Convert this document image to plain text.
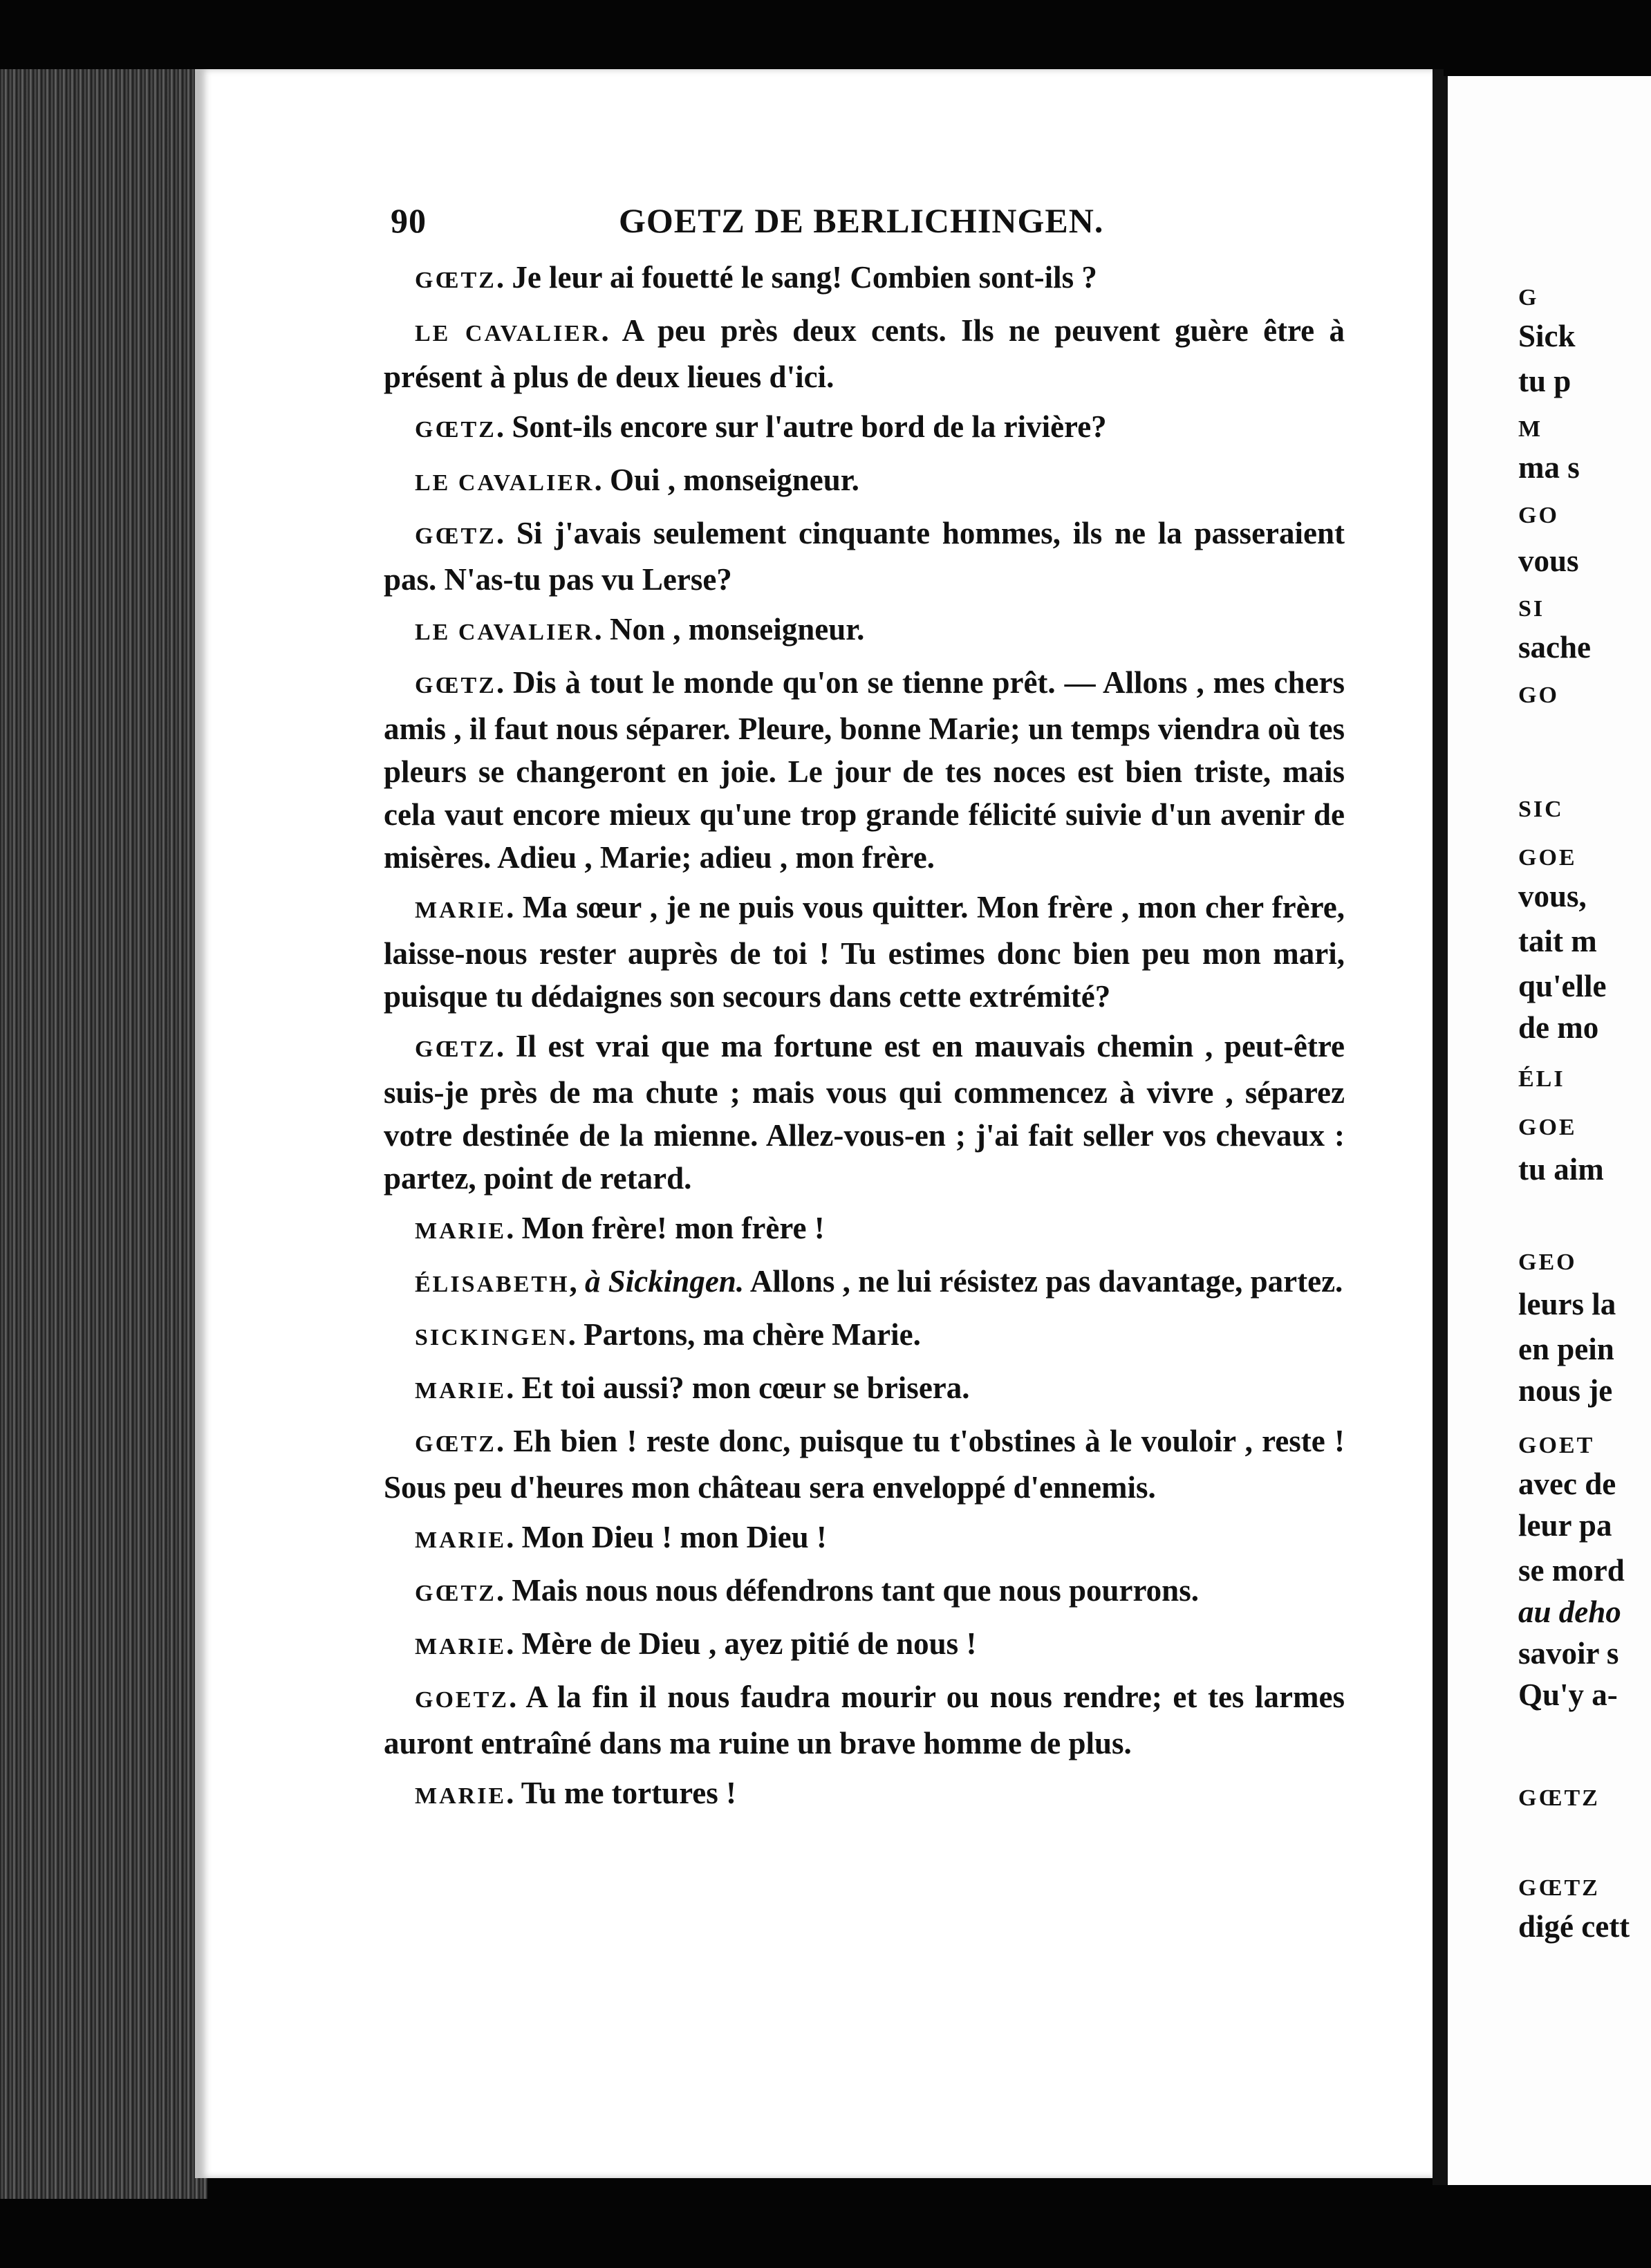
90	GOETZ DE BERLICHINGEN.

GŒTZ. Je leur ai fouetté le sang! Combien sont-ils ?

LE CAVALIER. A peu près deux cents. Ils ne peuvent guère être à présent à plus de deux lieues d'ici.

GŒTZ. Sont-ils encore sur l'autre bord de la rivière?

LE CAVALIER. Oui , monseigneur.

GŒTZ. Si j'avais seulement cinquante hommes, ils ne la passeraient pas. N'as-tu pas vu Lerse?

LE CAVALIER. Non , monseigneur.

GŒTZ. Dis à tout le monde qu'on se tienne prêt. — Allons , mes chers amis , il faut nous séparer. Pleure, bonne Marie; un temps viendra où tes pleurs se changeront en joie. Le jour de tes noces est bien triste, mais cela vaut encore mieux qu'une trop grande félicité suivie d'un avenir de misères. Adieu , Marie; adieu , mon frère.

MARIE. Ma sœur , je ne puis vous quitter. Mon frère , mon cher frère, laisse-nous rester auprès de toi ! Tu estimes donc bien peu mon mari, puisque tu dédaignes son secours dans cette extrémité?

GŒTZ. Il est vrai que ma fortune est en mauvais chemin , peut-être suis-je près de ma chute ; mais vous qui commencez à vivre , séparez votre destinée de la mienne. Allez-vous-en ; j'ai fait seller vos chevaux : partez, point de retard.

MARIE. Mon frère! mon frère !

ÉLISABETH, à Sickingen. Allons , ne lui résistez pas davantage, partez.

SICKINGEN. Partons, ma chère Marie.

MARIE. Et toi aussi? mon cœur se brisera.

GŒTZ. Eh bien ! reste donc, puisque tu t'obstines à le vouloir , reste ! Sous peu d'heures mon château sera enveloppé d'ennemis.

MARIE. Mon Dieu ! mon Dieu !

GŒTZ. Mais nous nous défendrons tant que nous pourrons.

MARIE. Mère de Dieu , ayez pitié de nous !

GOETZ. A la fin il nous faudra mourir ou nous rendre; et tes larmes auront entraîné dans ma ruine un brave homme de plus.

MARIE. Tu me tortures !

G
Sick
tu p
M
ma s
GO
vous
SI
sache
GO
SIC
GOE
vous,
tait m
qu'elle
de mo
ÉLI
GOE
tu aim
GEO
leurs la
en pein
nous je
GOET
avec de
leur pa
se mord
au deho
savoir s
Qu'y a-
GŒTZ
GŒTZ
digé cett
